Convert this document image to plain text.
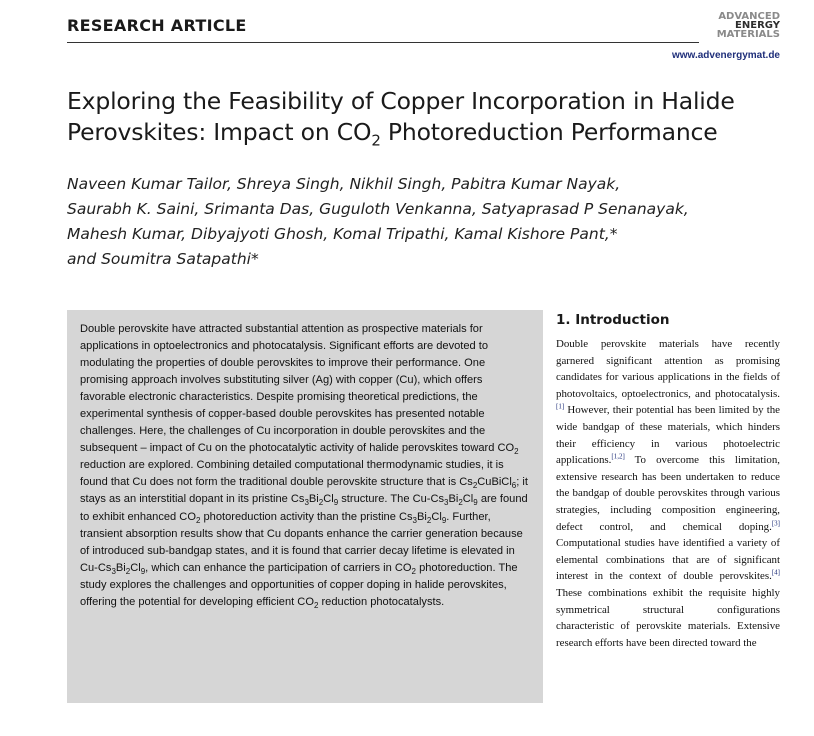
RESEARCH ARTICLE	ADVANCED
ENERGY
MATERIALS
www.advenergymat.de
Exploring the Feasibility of Copper Incorporation in Halide
Perovskites: Impact on $CO_2$ Photoreduction Performance

Naveen Kumar Tailor, Shreya Singh, Nikhil Singh, Pabitra Kumar Nayak,
Saurabh K. Saini, Srimanta Das, Guguloth Venkanna, Satyaprasad P Senanayak,
Mahesh Kumar, Dibyajyoti Ghosh, Komal Tripathi, Kamal Kishore Pant,*
and Soumitra Satapathi*

Double perovskite have attracted substantial attention as prospective materials for applications in optoelectronics and photocatalysis. Significant efforts are devoted to modulating the properties of double perovskites to improve their performance. One promising approach involves substituting silver (Ag) with copper (Cu), which offers favorable electronic characteristics. Despite promising theoretical predictions, the experimental synthesis of copper-based double perovskites has presented notable challenges. Here, the challenges of Cu incorporation in double perovskites and the subsequent – impact of Cu on the photocatalytic activity of halide perovskites toward $CO_2$ reduction are explored. Combining detailed computational thermodynamic studies, it is found that Cu does not form the traditional double perovskite structure that is $Cs_2CuBiCl_6$; it stays as an interstitial dopant in its pristine $Cs_3Bi_2Cl_9$ structure. The $Cu-Cs_3Bi_2Cl_9$ are found to exhibit enhanced $CO_2$ photoreduction activity than the pristine $Cs_3Bi_2Cl_9$. Further, transient absorption results show that Cu dopants enhance the carrier generation because of introduced sub-bandgap states, and it is found that carrier decay lifetime is elevated in $Cu-Cs_3Bi_2Cl_9$, which can enhance the participation of carriers in $CO_2$ photoreduction. The study explores the challenges and opportunities of copper doping in halide perovskites, offering the potential for developing efficient $CO_2$ reduction photocatalysts.

1. Introduction

Double perovskite materials have recently garnered significant attention as promising candidates for various applications in the fields of photovoltaics, optoelectronics, and photocatalysis.[1] However, their potential has been limited by the wide bandgap of these materials, which hinders their efficiency in various photoelectric applications.[1,2] To overcome this limitation, extensive research has been undertaken to reduce the bandgap of double perovskites through various strategies, including composition engineering, defect control, and chemical doping.[3] Computational studies have identified a variety of elemental combinations that are of significant interest in the context of double perovskites.[4] These combinations exhibit the requisite highly symmetrical structural configurations characteristic of perovskite materials. Extensive research efforts have been directed toward the
